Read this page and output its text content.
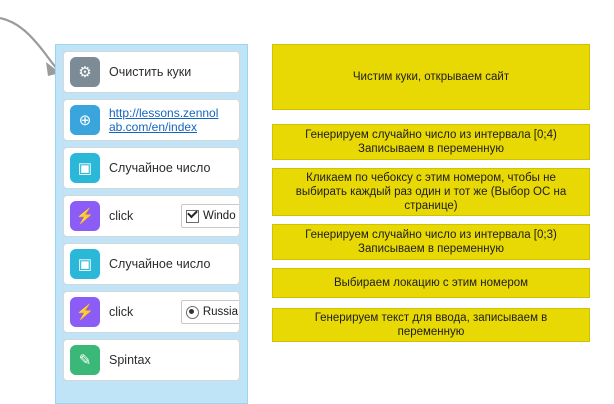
⚙	Очистить куки
⊕	http://lessons.zennolab.com/en/index
▣	Случайное число
⚡	click	Windo
▣	Случайное число
⚡	click	Russia
✎	Spintax
Чистим куки, открываем сайт
Генерируем случайно число из интервала [0;4) Записываем в переменную
Кликаем по чебоксу с этим номером, чтобы не выбирать каждый раз один и тот же (Выбор ОС на странице)
Генерируем случайно число из интервала [0;3) Записываем в переменную
Выбираем локацию с этим номером
Генерируем текст для ввода, записываем в переменную
